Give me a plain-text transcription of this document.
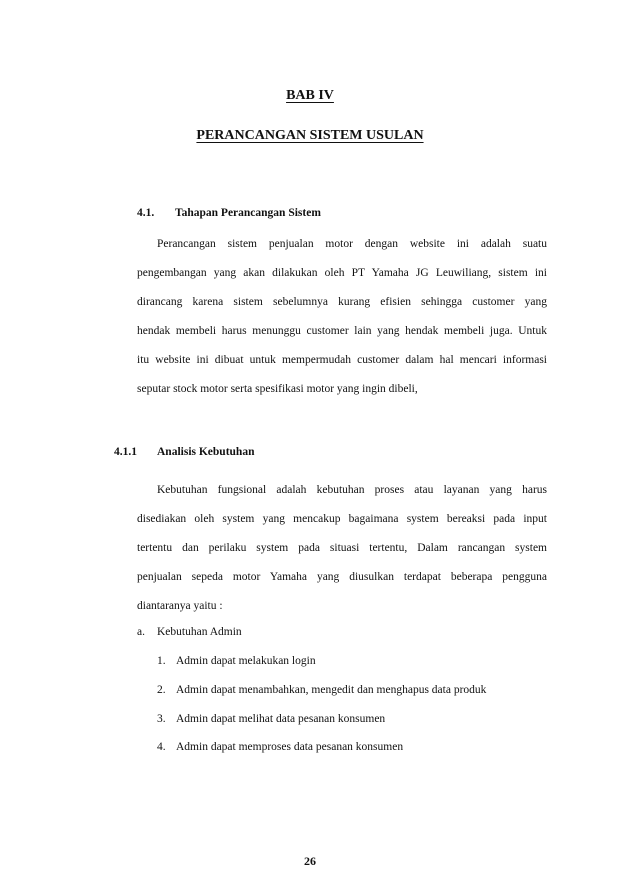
BAB IV
PERANCANGAN SISTEM USULAN
4.1. Tahapan Perancangan Sistem
Perancangan sistem penjualan motor dengan website ini adalah suatu
pengembangan yang akan dilakukan oleh PT Yamaha JG Leuwiliang, sistem ini
dirancang karena sistem sebelumnya kurang efisien sehingga customer yang
hendak membeli harus menunggu customer lain yang hendak membeli juga. Untuk
itu website ini dibuat untuk mempermudah customer dalam hal mencari informasi
seputar stock motor serta spesifikasi motor yang ingin dibeli,
4.1.1 Analisis Kebutuhan
Kebutuhan fungsional adalah kebutuhan proses atau layanan yang harus
disediakan oleh system yang mencakup bagaimana system bereaksi pada input
tertentu dan perilaku system pada situasi tertentu, Dalam rancangan system
penjualan sepeda motor Yamaha yang diusulkan terdapat beberapa pengguna
diantaranya yaitu :
a. Kebutuhan Admin
1. Admin dapat melakukan login
2. Admin dapat menambahkan, mengedit dan menghapus data produk
3. Admin dapat melihat data pesanan konsumen
4. Admin dapat memproses data pesanan konsumen
26
